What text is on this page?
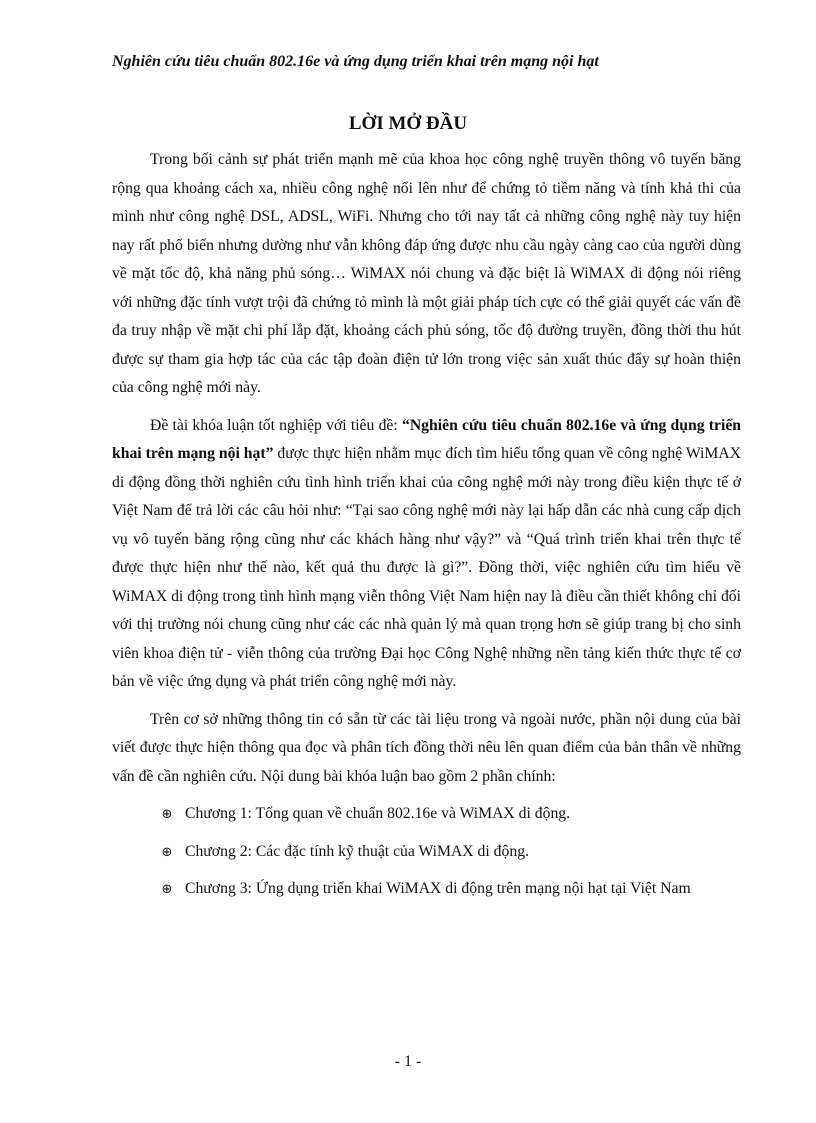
Nghiên cứu tiêu chuẩn 802.16e và ứng dụng triển khai trên mạng nội hạt
LỜI MỞ ĐẦU

Trong bối cảnh sự phát triển mạnh mẽ của khoa học công nghệ truyền thông vô tuyến băng rộng qua khoảng cách xa, nhiều công nghệ nổi lên như để chứng tỏ tiềm năng và tính khả thi của mình như công nghệ DSL, ADSL, WiFi. Nhưng cho tới nay tất cả những công nghệ này tuy hiện nay rất phổ biến nhưng dường như vẫn không đáp ứng được nhu cầu ngày càng cao của người dùng về mặt tốc độ, khả năng phủ sóng… WiMAX nói chung và đặc biệt là WiMAX di động nói riêng với những đặc tính vượt trội đã chứng tỏ mình là một giải pháp tích cực có thể giải quyết các vấn đề đa truy nhập về mặt chi phí lắp đặt, khoảng cách phủ sóng, tốc độ đường truyền, đồng thời thu hút được sự tham gia hợp tác của các tập đoàn điện tử lớn trong việc sản xuất thúc đẩy sự hoàn thiện của công nghệ mới này.

Đề tài khóa luận tốt nghiệp với tiêu đề: “Nghiên cứu tiêu chuẩn 802.16e và ứng dụng triển khai trên mạng nội hạt” được thực hiện nhằm mục đích tìm hiểu tổng quan về công nghệ WiMAX di động đồng thời nghiên cứu tình hình triển khai của công nghệ mới này trong điều kiện thực tế ở Việt Nam để trả lời các câu hỏi như: “Tại sao công nghệ mới này lại hấp dẫn các nhà cung cấp dịch vụ vô tuyến băng rộng cũng như các khách hàng như vậy?” và “Quá trình triển khai trên thực tế được thực hiện như thế nào, kết quả thu được là gì?”. Đồng thời, việc nghiên cứu tìm hiểu về WiMAX di động trong tình hình mạng viễn thông Việt Nam hiện nay là điều cần thiết không chỉ đối với thị trường nói chung cũng như các các nhà quản lý mà quan trọng hơn sẽ giúp trang bị cho sinh viên khoa điện tử - viễn thông của trường Đại học Công Nghệ những nền tảng kiến thức thực tế cơ bản về việc ứng dụng và phát triển công nghệ mới này.

Trên cơ sở những thông tin có sẵn từ các tài liệu trong và ngoài nước, phần nội dung của bài viết được thực hiện thông qua đọc và phân tích đồng thời nêu lên quan điểm của bản thân về những vấn đề cần nghiên cứu. Nội dung bài khóa luận bao gồm 2 phần chính:

⊕ Chương 1: Tổng quan về chuẩn 802.16e và WiMAX di động.
⊕ Chương 2: Các đặc tính kỹ thuật của WiMAX di động.
⊕ Chương 3: Ứng dụng triển khai WiMAX di động trên mạng nội hạt tại Việt Nam
- 1 -
